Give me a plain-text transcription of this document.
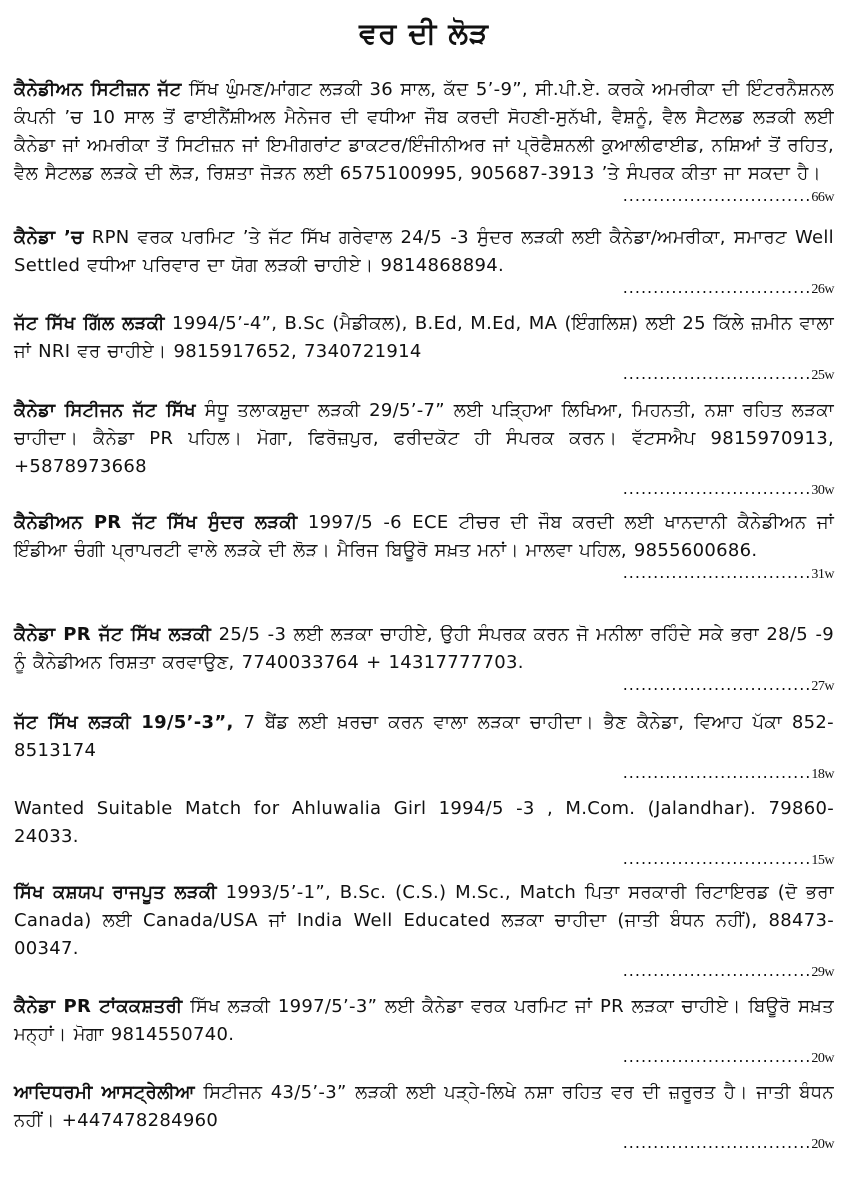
ਵਰ ਦੀ ਲੋੜ
ਕੈਨੇਡੀਅਨ ਸਿਟੀਜ਼ਨ ਜੱਟ ਸਿੱਖ ਘੁੰਮਣ/ਮਾਂਗਟ ਲੜਕੀ 36 ਸਾਲ, ਕੱਦ 5’-9”, ਸੀ.ਪੀ.ਏ. ਕਰਕੇ ਅਮਰੀਕਾ ਦੀ ਇੰਟਰਨੈਸ਼ਨਲ ਕੰਪਨੀ ’ਚ 10 ਸਾਲ ਤੋਂ ਫਾਈਨੈਂਸ਼ੀਅਲ ਮੈਨੇਜਰ ਦੀ ਵਧੀਆ ਜੌਬ ਕਰਦੀ ਸੋਹਣੀ-ਸੁਨੱਖੀ, ਵੈਸ਼ਨੂੰ, ਵੈਲ ਸੈਟਲਡ ਲੜਕੀ ਲਈ ਕੈਨੇਡਾ ਜਾਂ ਅਮਰੀਕਾ ਤੋਂ ਸਿਟੀਜ਼ਨ ਜਾਂ ਇਮੀਗਰਾਂਟ ਡਾਕਟਰ/ਇੰਜੀਨੀਅਰ ਜਾਂ ਪ੍ਰੋਫੈਸ਼ਨਲੀ ਕੁਆਲੀਫਾਈਡ, ਨਸ਼ਿਆਂ ਤੋਂ ਰਹਿਤ, ਵੈਲ ਸੈਟਲਡ ਲੜਕੇ ਦੀ ਲੋੜ, ਰਿਸ਼ਤਾ ਜੋੜਨ ਲਈ 6575100995, 905687-3913 ’ਤੇ ਸੰਪਰਕ ਕੀਤਾ ਜਾ ਸਕਦਾ ਹੈ।
............................... 66w
ਕੈਨੇਡਾ ’ਚ RPN ਵਰਕ ਪਰਮਿਟ ’ਤੇ ਜੱਟ ਸਿੱਖ ਗਰੇਵਾਲ 24/5 -3 ਸੁੰਦਰ ਲੜਕੀ ਲਈ ਕੈਨੇਡਾ/ਅਮਰੀਕਾ, ਸਮਾਰਟ Well Settled ਵਧੀਆ ਪਰਿਵਾਰ ਦਾ ਯੋਗ ਲੜਕੀ ਚਾਹੀਏ। 9814868894.
............................... 26w
ਜੱਟ ਸਿੱਖ ਗਿੱਲ ਲੜਕੀ 1994/5’-4”, B.Sc (ਮੈਡੀਕਲ), B.Ed, M.Ed, MA (ਇੰਗਲਿਸ਼) ਲਈ 25 ਕਿੱਲੇ ਜ਼ਮੀਨ ਵਾਲਾ ਜਾਂ NRI ਵਰ ਚਾਹੀਏ। 9815917652, 7340721914
............................... 25w
ਕੈਨੇਡਾ ਸਿਟੀਜਨ ਜੱਟ ਸਿੱਖ ਸੰਧੂ ਤਲਾਕਸ਼ੁਦਾ ਲੜਕੀ 29/5’-7” ਲਈ ਪੜ੍ਹਿਆ ਲਿਖਿਆ, ਮਿਹਨਤੀ, ਨਸ਼ਾ ਰਹਿਤ ਲੜਕਾ ਚਾਹੀਦਾ। ਕੈਨੇਡਾ PR ਪਹਿਲ। ਮੋਗਾ, ਫਿਰੋਜ਼ਪੁਰ, ਫਰੀਦਕੋਟ ਹੀ ਸੰਪਰਕ ਕਰਨ। ਵੱਟਸਐਪ 9815970913, +5878973668
............................... 30w
ਕੈਨੇਡੀਅਨ PR ਜੱਟ ਸਿੱਖ ਸੁੰਦਰ ਲੜਕੀ 1997/5 -6 ECE ਟੀਚਰ ਦੀ ਜੌਬ ਕਰਦੀ ਲਈ ਖਾਨਦਾਨੀ ਕੈਨੇਡੀਅਨ ਜਾਂ ਇੰਡੀਆ ਚੰਗੀ ਪ੍ਰਾਪਰਟੀ ਵਾਲੇ ਲੜਕੇ ਦੀ ਲੋੜ। ਮੈਰਿਜ ਬਿਊਰੋ ਸਖ਼ਤ ਮਨਾਂ। ਮਾਲਵਾ ਪਹਿਲ, 9855600686.
............................... 31w
ਕੈਨੇਡਾ PR ਜੱਟ ਸਿੱਖ ਲੜਕੀ 25/5 -3 ਲਈ ਲੜਕਾ ਚਾਹੀਏ, ਉਹੀ ਸੰਪਰਕ ਕਰਨ ਜੋ ਮਨੀਲਾ ਰਹਿੰਦੇ ਸਕੇ ਭਰਾ 28/5 -9 ਨੂੰ ਕੈਨੇਡੀਅਨ ਰਿਸ਼ਤਾ ਕਰਵਾਉਣ, 7740033764 + 14317777703.
............................... 27w
ਜੱਟ ਸਿੱਖ ਲੜਕੀ 19/5’-3”, 7 ਬੈਂਡ ਲਈ ਖ਼ਰਚਾ ਕਰਨ ਵਾਲਾ ਲੜਕਾ ਚਾਹੀਦਾ। ਭੈਣ ਕੈਨੇਡਾ, ਵਿਆਹ ਪੱਕਾ 852-8513174
............................... 18w
Wanted Suitable Match for Ahluwalia Girl 1994/5 -3 , M.Com. (Jalandhar). 79860-24033.
............................... 15w
ਸਿੱਖ ਕਸ਼ਯਪ ਰਾਜਪੂਤ ਲੜਕੀ 1993/5’-1”, B.Sc. (C.S.) M.Sc., Match ਪਿਤਾ ਸਰਕਾਰੀ ਰਿਟਾਇਰਡ (ਦੋ ਭਰਾ Canada) ਲਈ Canada/USA ਜਾਂ India Well Educated ਲੜਕਾ ਚਾਹੀਦਾ (ਜਾਤੀ ਬੰਧਨ ਨਹੀਂ), 88473-00347.
............................... 29w
ਕੈਨੇਡਾ PR ਟਾਂਕਕਸ਼ਤਰੀ ਸਿੱਖ ਲੜਕੀ 1997/5’-3” ਲਈ ਕੈਨੇਡਾ ਵਰਕ ਪਰਮਿਟ ਜਾਂ PR ਲੜਕਾ ਚਾਹੀਏ। ਬਿਊਰੋ ਸਖ਼ਤ ਮਨ੍ਹਾਂ। ਮੋਗਾ 9814550740.
............................... 20w
ਆਦਿਧਰਮੀ ਆਸਟ੍ਰੇਲੀਆ ਸਿਟੀਜਨ 43/5’-3” ਲੜਕੀ ਲਈ ਪੜ੍ਹੇ-ਲਿਖੇ ਨਸ਼ਾ ਰਹਿਤ ਵਰ ਦੀ ਜ਼ਰੂਰਤ ਹੈ। ਜਾਤੀ ਬੰਧਨ ਨਹੀਂ। +447478284960
............................... 20w
